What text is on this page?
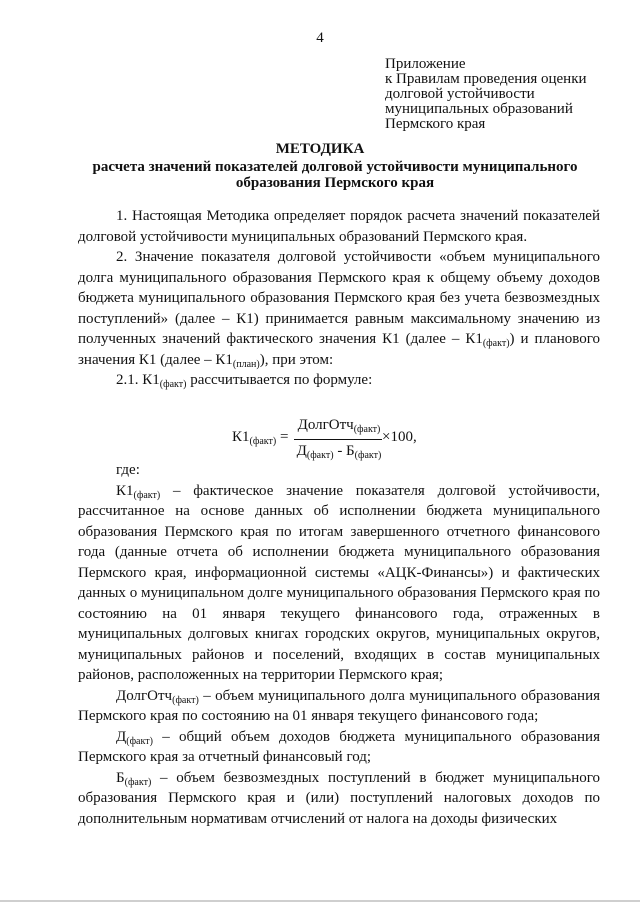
4
Приложение
к Правилам проведения оценки
долговой устойчивости
муниципальных образований
Пермского края
МЕТОДИКА
расчета значений показателей долговой устойчивости муниципального образования Пермского края

1. Настоящая Методика определяет порядок расчета значений показателей долговой устойчивости муниципальных образований Пермского края.

2. Значение показателя долговой устойчивости «объем муниципального долга муниципального образования Пермского края к общему объему доходов бюджета муниципального образования Пермского края без учета безвозмездных поступлений» (далее – К1) принимается равным максимальному значению из полученных значений фактического значения К1 (далее – $К1_{(факт)}$) и планового значения К1 (далее – $К1_{(план)}$), при этом:

2.1. $К1_{(факт)}$ рассчитывается по формуле:

$К1_{(факт)}$ =
ДолгОтч$_{(факт)}$
$Д_{(факт)} - Б_{(факт)}$
×100,

где:

$К1_{(факт)}$ – фактическое значение показателя долговой устойчивости, рассчитанное на основе данных об исполнении бюджета муниципального образования Пермского края по итогам завершенного отчетного финансового года (данные отчета об исполнении бюджета муниципального образования Пермского края, информационной системы «АЦК-Финансы») и фактических данных о муниципальном долге муниципального образования Пермского края по состоянию на 01 января текущего финансового года, отраженных в муниципальных долговых книгах городских округов, муниципальных округов, муниципальных районов и поселений, входящих в состав муниципальных районов, расположенных на территории Пермского края;

ДолгОтч$_{(факт)}$ – объем муниципального долга муниципального образования Пермского края по состоянию на 01 января текущего финансового года;

$Д_{(факт)}$ – общий объем доходов бюджета муниципального образования Пермского края за отчетный финансовый год;

$Б_{(факт)}$ – объем безвозмездных поступлений в бюджет муниципального образования Пермского края и (или) поступлений налоговых доходов по дополнительным нормативам отчислений от налога на доходы физических
